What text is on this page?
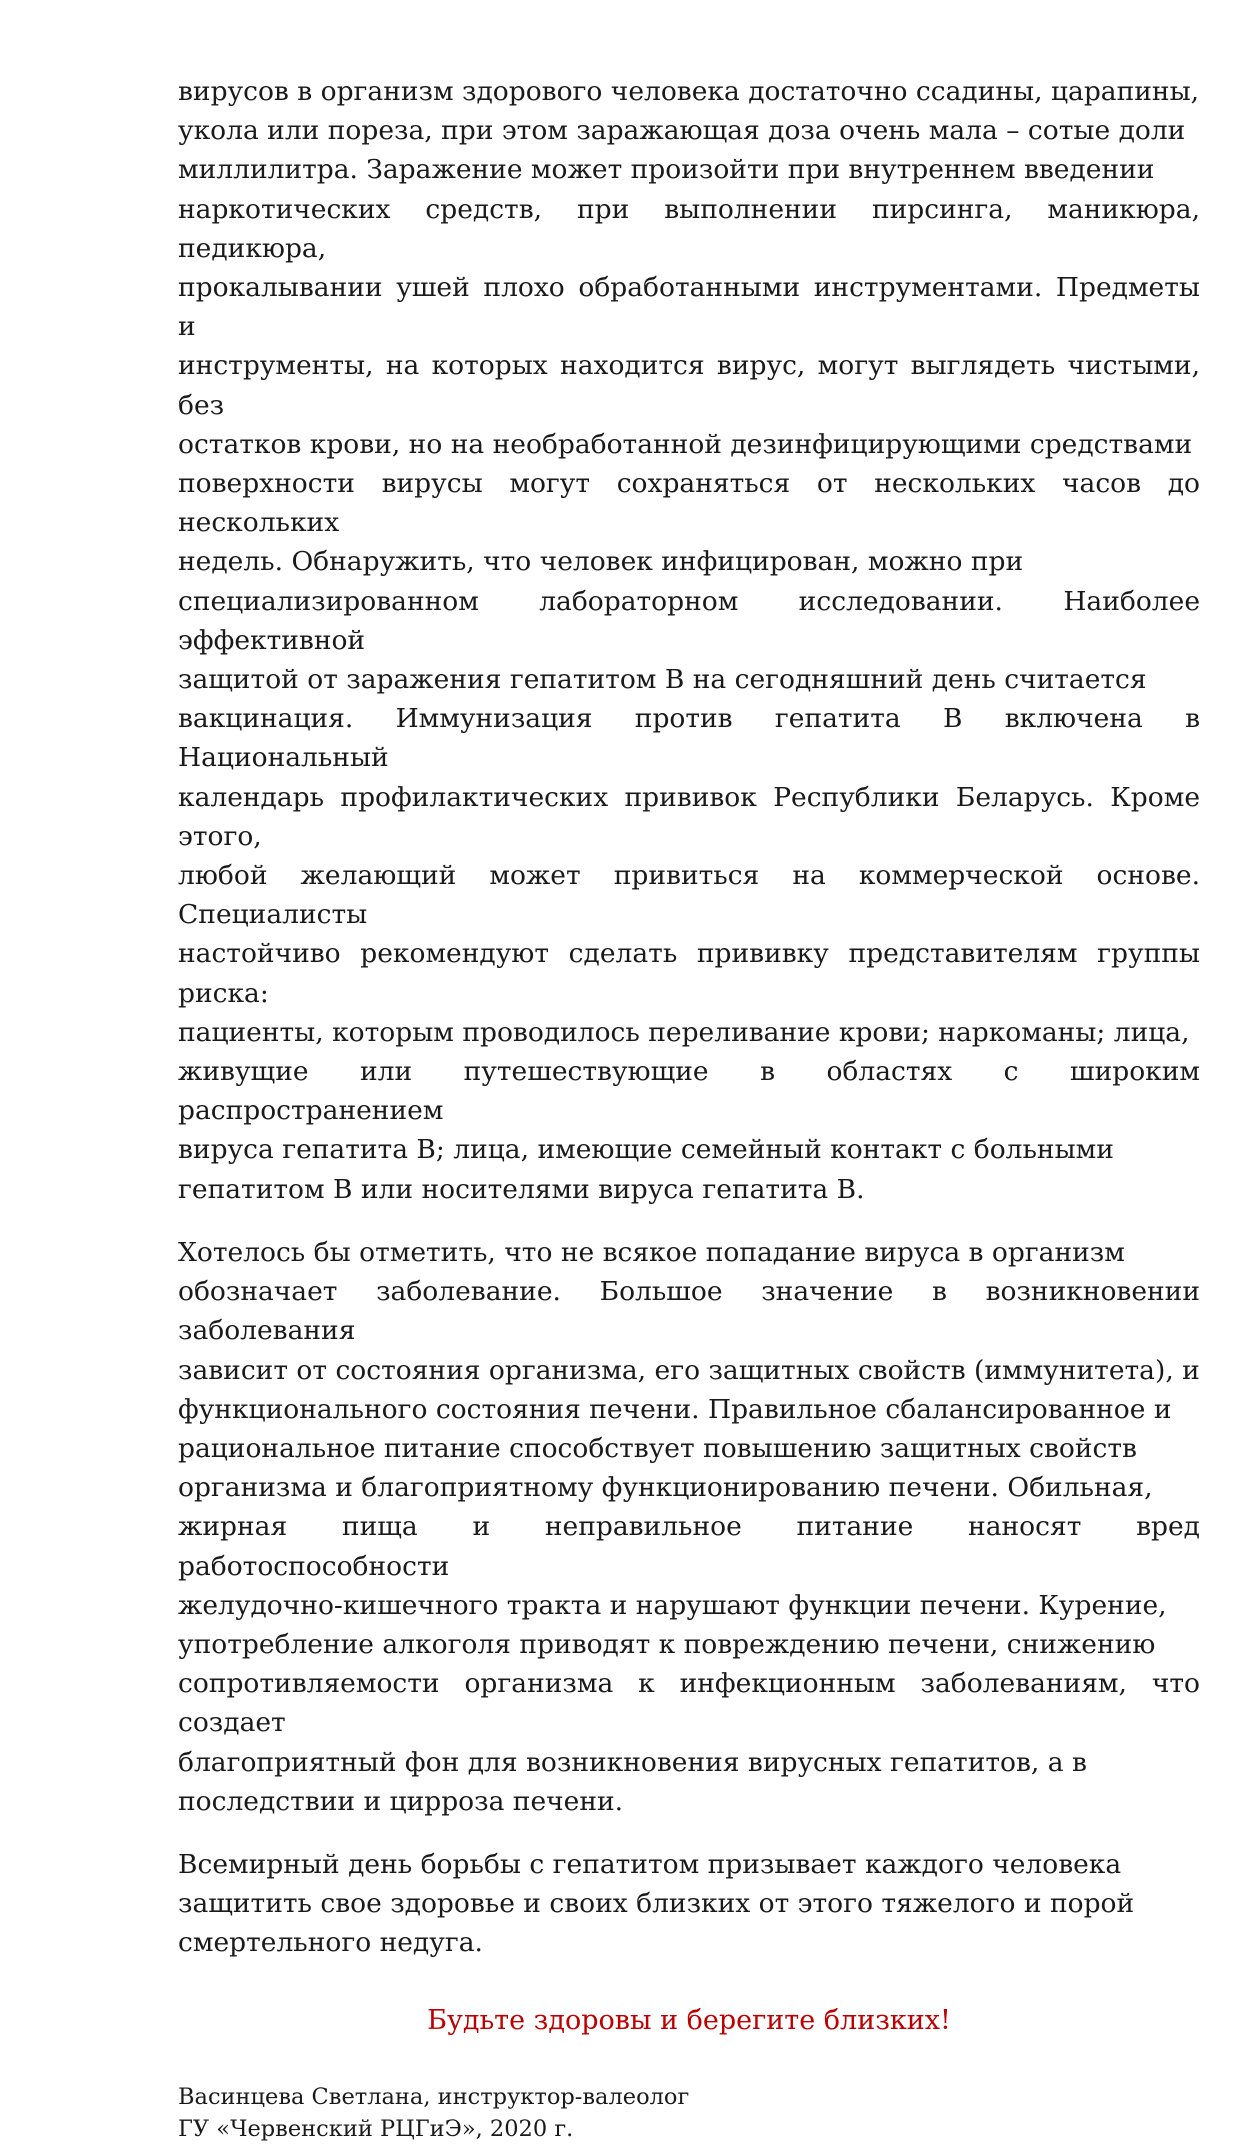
вирусов в организм здорового человека достаточно ссадины, царапины,
укола или пореза, при этом заражающая доза очень мала – сотые доли
миллилитра. Заражение может произойти при внутреннем введении
наркотических средств, при выполнении пирсинга, маникюра, педикюра,
прокалывании ушей плохо обработанными инструментами. Предметы и
инструменты, на которых находится вирус, могут выглядеть чистыми, без
остатков крови, но на необработанной дезинфицирующими средствами
поверхности вирусы могут сохраняться от нескольких часов до нескольких
недель. Обнаружить, что человек инфицирован, можно при
специализированном лабораторном исследовании. Наиболее эффективной
защитой от заражения гепатитом В на сегодняшний день считается
вакцинация. Иммунизация против гепатита В включена в Национальный
календарь профилактических прививок Республики Беларусь. Кроме этого,
любой желающий может привиться на коммерческой основе. Специалисты
настойчиво рекомендуют сделать прививку представителям группы риска:
пациенты, которым проводилось переливание крови; наркоманы; лица,
живущие или путешествующие в областях с широким распространением
вируса гепатита В; лица, имеющие семейный контакт с больными
гепатитом В или носителями вируса гепатита В.

Хотелось бы отметить, что не всякое попадание вируса в организм
обозначает заболевание. Большое значение в возникновении заболевания
зависит от состояния организма, его защитных свойств (иммунитета), и
функционального состояния печени. Правильное сбалансированное и
рациональное питание способствует повышению защитных свойств
организма и благоприятному функционированию печени. Обильная,
жирная пища и неправильное питание наносят вред работоспособности
желудочно-кишечного тракта и нарушают функции печени. Курение,
употребление алкоголя приводят к повреждению печени, снижению
сопротивляемости организма к инфекционным заболеваниям, что создает
благоприятный фон для возникновения вирусных гепатитов, а в
последствии и цирроза печени.

Всемирный день борьбы с гепатитом призывает каждого человека
защитить свое здоровье и своих близких от этого тяжелого и порой
смертельного недуга.

Будьте здоровы и берегите близких!

Васинцева Светлана, инструктор-валеолог
ГУ «Червенский РЦГиЭ», 2020 г.
